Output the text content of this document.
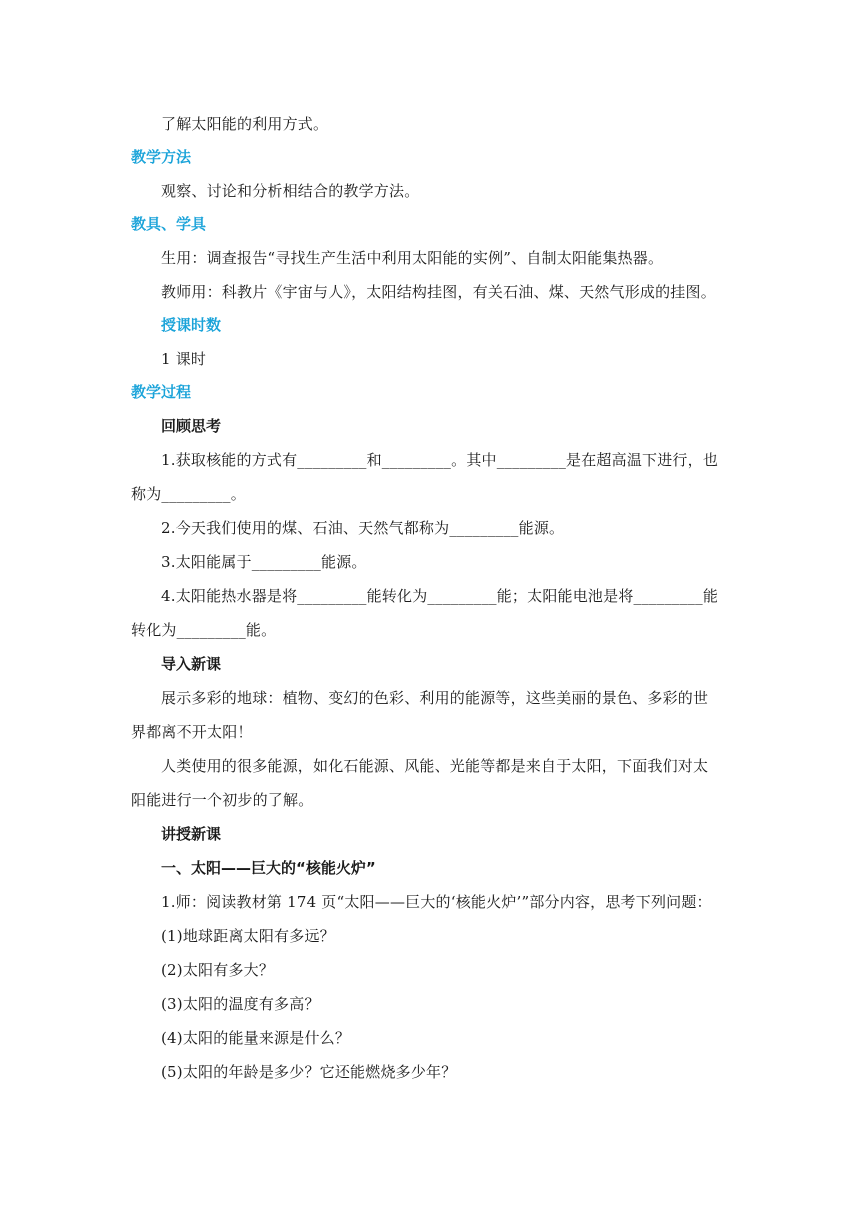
了解太阳能的利用方式。
教学方法
观察、讨论和分析相结合的教学方法。
教具、学具
生用：调查报告“寻找生产生活中利用太阳能的实例”、自制太阳能集热器。
教师用：科教片《宇宙与人》，太阳结构挂图，有关石油、煤、天然气形成的挂图。
授课时数
1 课时
教学过程
回顾思考
1.获取核能的方式有_________和_________。其中_________是在超高温下进行，也
称为_________。
2.今天我们使用的煤、石油、天然气都称为_________能源。
3.太阳能属于_________能源。
4.太阳能热水器是将_________能转化为_________能；太阳能电池是将_________能
转化为_________能。
导入新课
展示多彩的地球：植物、变幻的色彩、利用的能源等，这些美丽的景色、多彩的世
界都离不开太阳！
人类使用的很多能源，如化石能源、风能、光能等都是来自于太阳，下面我们对太
阳能进行一个初步的了解。
讲授新课
一、太阳——巨大的“核能火炉”
1.师：阅读教材第 174 页“太阳——巨大的‘核能火炉’”部分内容，思考下列问题：
(1)地球距离太阳有多远？
(2)太阳有多大？
(3)太阳的温度有多高？
(4)太阳的能量来源是什么？
(5)太阳的年龄是多少？它还能燃烧多少年？
